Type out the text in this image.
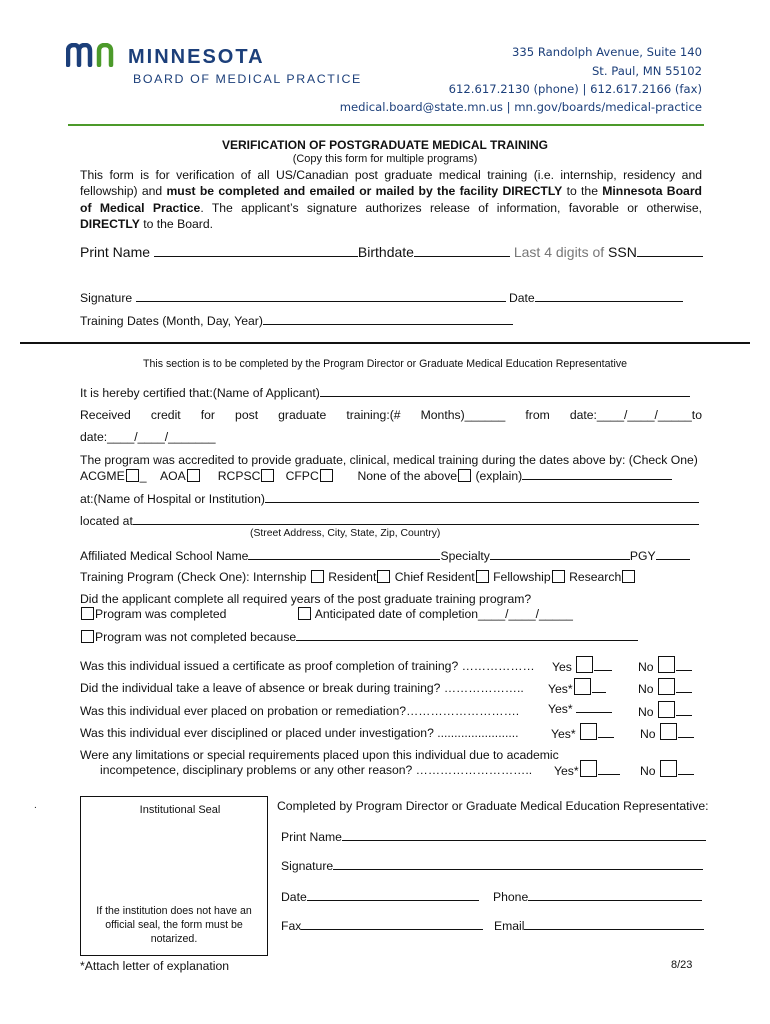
MINNESOTA
BOARD OF MEDICAL PRACTICE
335 Randolph Avenue, Suite 140
St. Paul, MN 55102
612.617.2130 (phone) | 612.617.2166 (fax)
medical.board@state.mn.us | mn.gov/boards/medical-practice
VERIFICATION OF POSTGRADUATE MEDICAL TRAINING
(Copy this form for multiple programs)
This form is for verification of all US/Canadian post graduate medical training (i.e. internship, residency and fellowship) and must be completed and emailed or mailed by the facility DIRECTLY to the Minnesota Board of Medical Practice. The applicant’s signature authorizes release of information, favorable or otherwise, DIRECTLY to the Board.
Print Name	Birthdate	Last 4 digits of SSN
Signature	Date
Training Dates (Month, Day, Year)
This section is to be completed by the Program Director or Graduate Medical Education Representative
It is hereby certified that:(Name of Applicant)
Received credit for post graduate training:(# Months)______ from date:____/____/_____to
date:____/____/_______
The program was accredited to provide graduate, clinical, medical training during the dates above by: (Check One)
ACGME _    AOA	RCPSC CFPC	None of the above (explain)
at:(Name of Hospital or Institution)
located at
(Street Address, City, State, Zip, Country)
Affiliated Medical School Name	Specialty	PGY
Training Program (Check One): Internship Resident Chief Resident Fellowship Research
Did the applicant complete all required years of the post graduate training program?
Program was completed	Anticipated date of completion____/____/_____
Program was not completed because
Was this individual issued a certificate as proof completion of training? ……………… Yes	No
Did the individual take a leave of absence or break during training? ……………….. Yes*	No
Was this individual ever placed on probation or remediation?………………………. Yes*	No
Was this individual ever disciplined or placed under investigation? ........................	Yes*	No
Were any limitations or special requirements placed upon this individual due to academic
incompetence, disciplinary problems or any other reason? ……………………….. Yes*	No
.	Institutional Seal
If the institution does not have an official seal, the form must be notarized.
Completed by Program Director or Graduate Medical Education Representative:
Print Name
Signature
Date	Phone
Fax	Email
*Attach letter of explanation	8/23
